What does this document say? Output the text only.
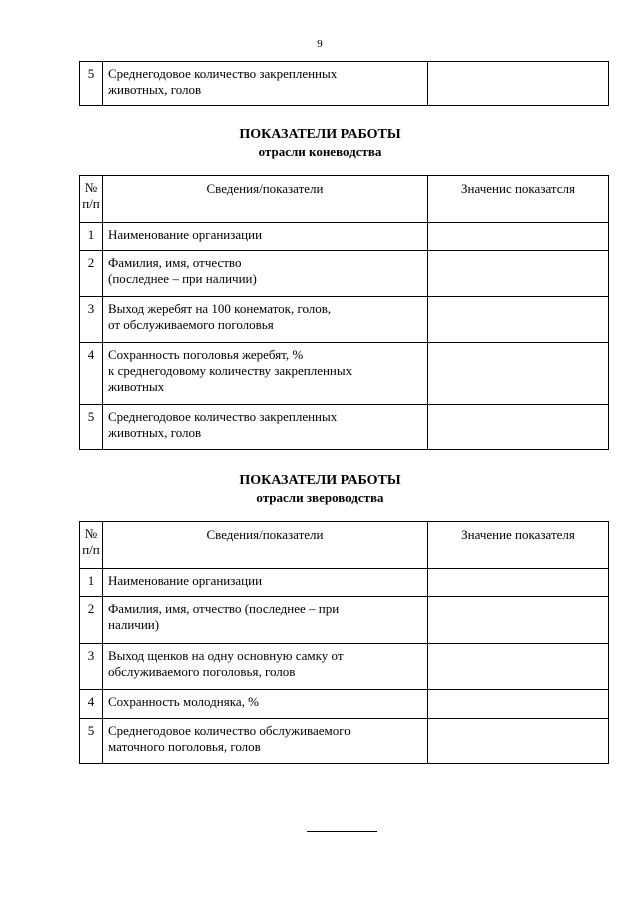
9
5	Среднегодовое количество закрепленных
животных, голов

ПОКАЗАТЕЛИ РАБОТЫ
отрасли коневодства
№
п/п	Сведения/показатели	Значенис показатсля
1	Наименование организации	

2	Фамилия, имя, отчество
(последнее – при наличии)	

3	Выход жеребят на 100 конематок, голов,
от обслуживаемого поголовья	

4	Сохранность поголовья жеребят, %
к среднегодовому количеству закрепленных
животных	

5	Среднегодовое количество закрепленных
животных, голов	

ПОКАЗАТЕЛИ РАБОТЫ
отрасли звероводства
№
п/п	Сведения/показатели	Значение показателя
1	Наименование организации	

2	Фамилия, имя, отчество (последнее – при
наличии)	

3	Выход щенков на одну основную самку от
обслуживаемого поголовья, голов	

4	Сохранность молодняка, %	

5	Среднегодовое количество обслуживаемого
маточного поголовья, голов	
